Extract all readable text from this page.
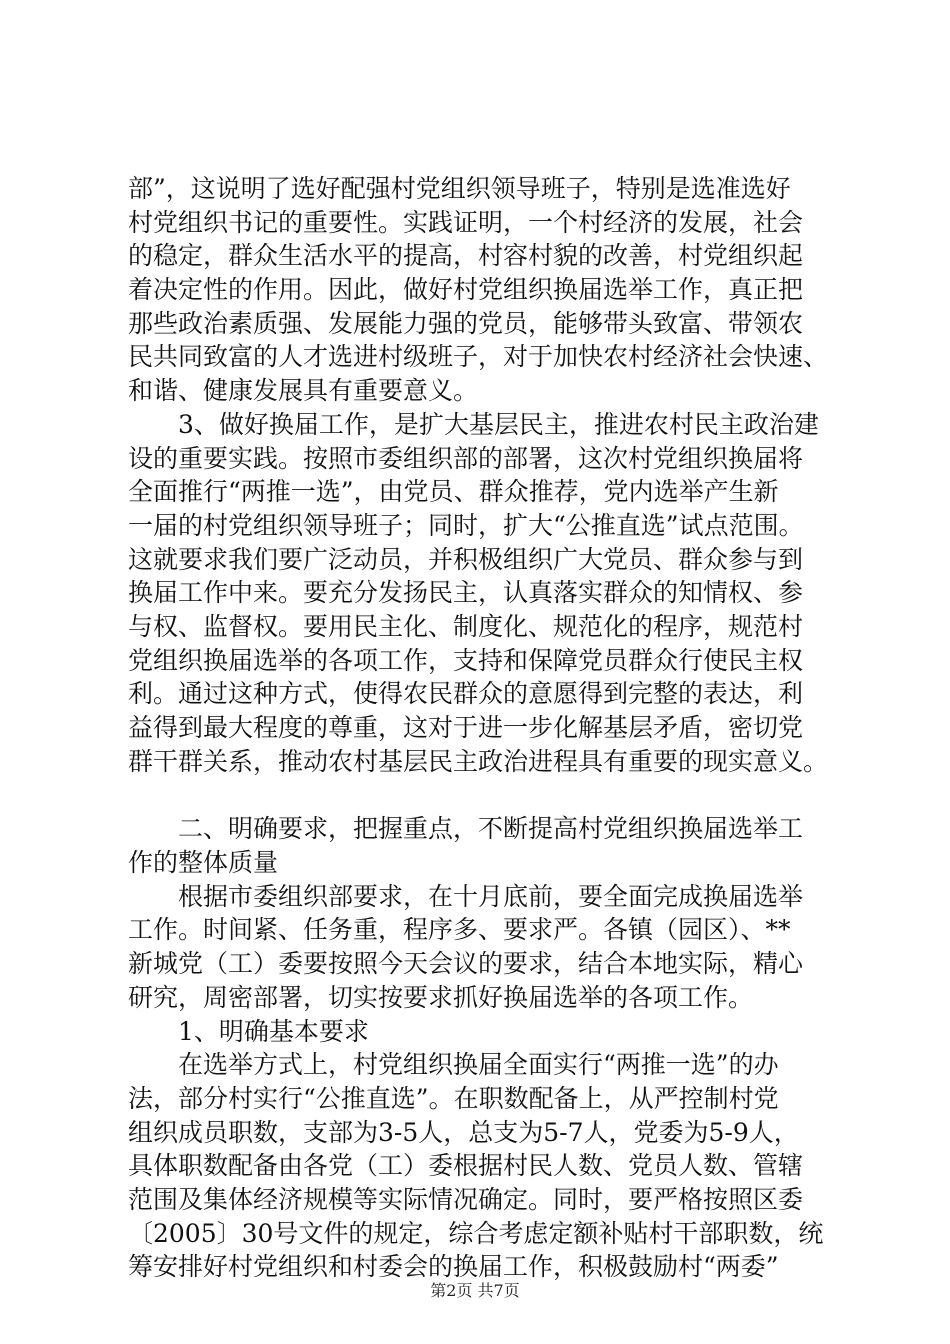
部”，这说明了选好配强村党组织领导班子，特别是选准选好
村党组织书记的重要性。实践证明，一个村经济的发展，社会
的稳定，群众生活水平的提高，村容村貌的改善，村党组织起
着决定性的作用。因此，做好村党组织换届选举工作，真正把
那些政治素质强、发展能力强的党员，能够带头致富、带领农
民共同致富的人才选进村级班子，对于加快农村经济社会快速、
和谐、健康发展具有重要意义。
　　3、做好换届工作，是扩大基层民主，推进农村民主政治建
设的重要实践。按照市委组织部的部署，这次村党组织换届将
全面推行“两推一选”，由党员、群众推荐，党内选举产生新
一届的村党组织领导班子；同时，扩大“公推直选”试点范围。
这就要求我们要广泛动员，并积极组织广大党员、群众参与到
换届工作中来。要充分发扬民主，认真落实群众的知情权、参
与权、监督权。要用民主化、制度化、规范化的程序，规范村
党组织换届选举的各项工作，支持和保障党员群众行使民主权
利。通过这种方式，使得农民群众的意愿得到完整的表达，利
益得到最大程度的尊重，这对于进一步化解基层矛盾，密切党
群干群关系，推动农村基层民主政治进程具有重要的现实意义。
　　二、明确要求，把握重点，不断提高村党组织换届选举工
作的整体质量
　　根据市委组织部要求，在十月底前，要全面完成换届选举
工作。时间紧、任务重，程序多、要求严。各镇（园区）、**
新城党（工）委要按照今天会议的要求，结合本地实际，精心
研究，周密部署，切实按要求抓好换届选举的各项工作。
　　1、明确基本要求
　　在选举方式上，村党组织换届全面实行“两推一选”的办
法，部分村实行“公推直选”。在职数配备上，从严控制村党
组织成员职数，支部为3-5人，总支为5-7人，党委为5-9人，
具体职数配备由各党（工）委根据村民人数、党员人数、管辖
范围及集体经济规模等实际情况确定。同时，要严格按照区委
〔2005〕30号文件的规定，综合考虑定额补贴村干部职数，统
筹安排好村党组织和村委会的换届工作，积极鼓励村“两委”
第2页 共7页
